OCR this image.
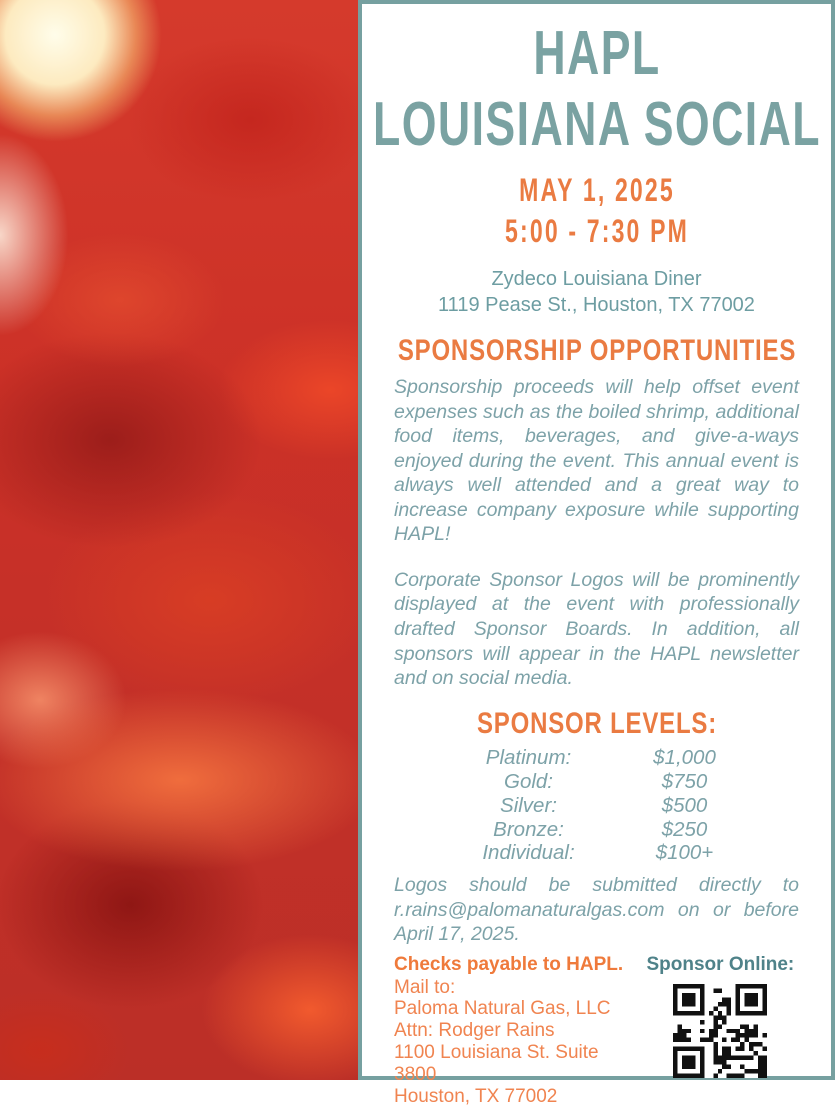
HAPL
LOUISIANA SOCIAL
MAY 1, 2025
5:00 - 7:30 PM
Zydeco Louisiana Diner
1119 Pease St., Houston, TX 77002
SPONSORSHIP OPPORTUNITIES

Sponsorship proceeds will help offset event expenses such as the boiled shrimp, additional food items, beverages, and give-a-ways enjoyed during the event. This annual event is always well attended and a great way to increase company exposure while supporting HAPL!

Corporate Sponsor Logos will be prominently displayed at the event with professionally drafted Sponsor Boards. In addition, all sponsors will appear in the HAPL newsletter and on social media.

SPONSOR LEVELS:
Platinum:	$1,000
Gold:	$750
Silver:	$500
Bronze:	$250
Individual:	$100+

Logos should be submitted directly to r.rains@palomanaturalgas.com on or before April 17, 2025.

Checks payable to HAPL.
Mail to:
Paloma Natural Gas, LLC
Attn: Rodger Rains
1100 Louisiana St. Suite 3800
Houston, TX 77002
Sponsor Online:
